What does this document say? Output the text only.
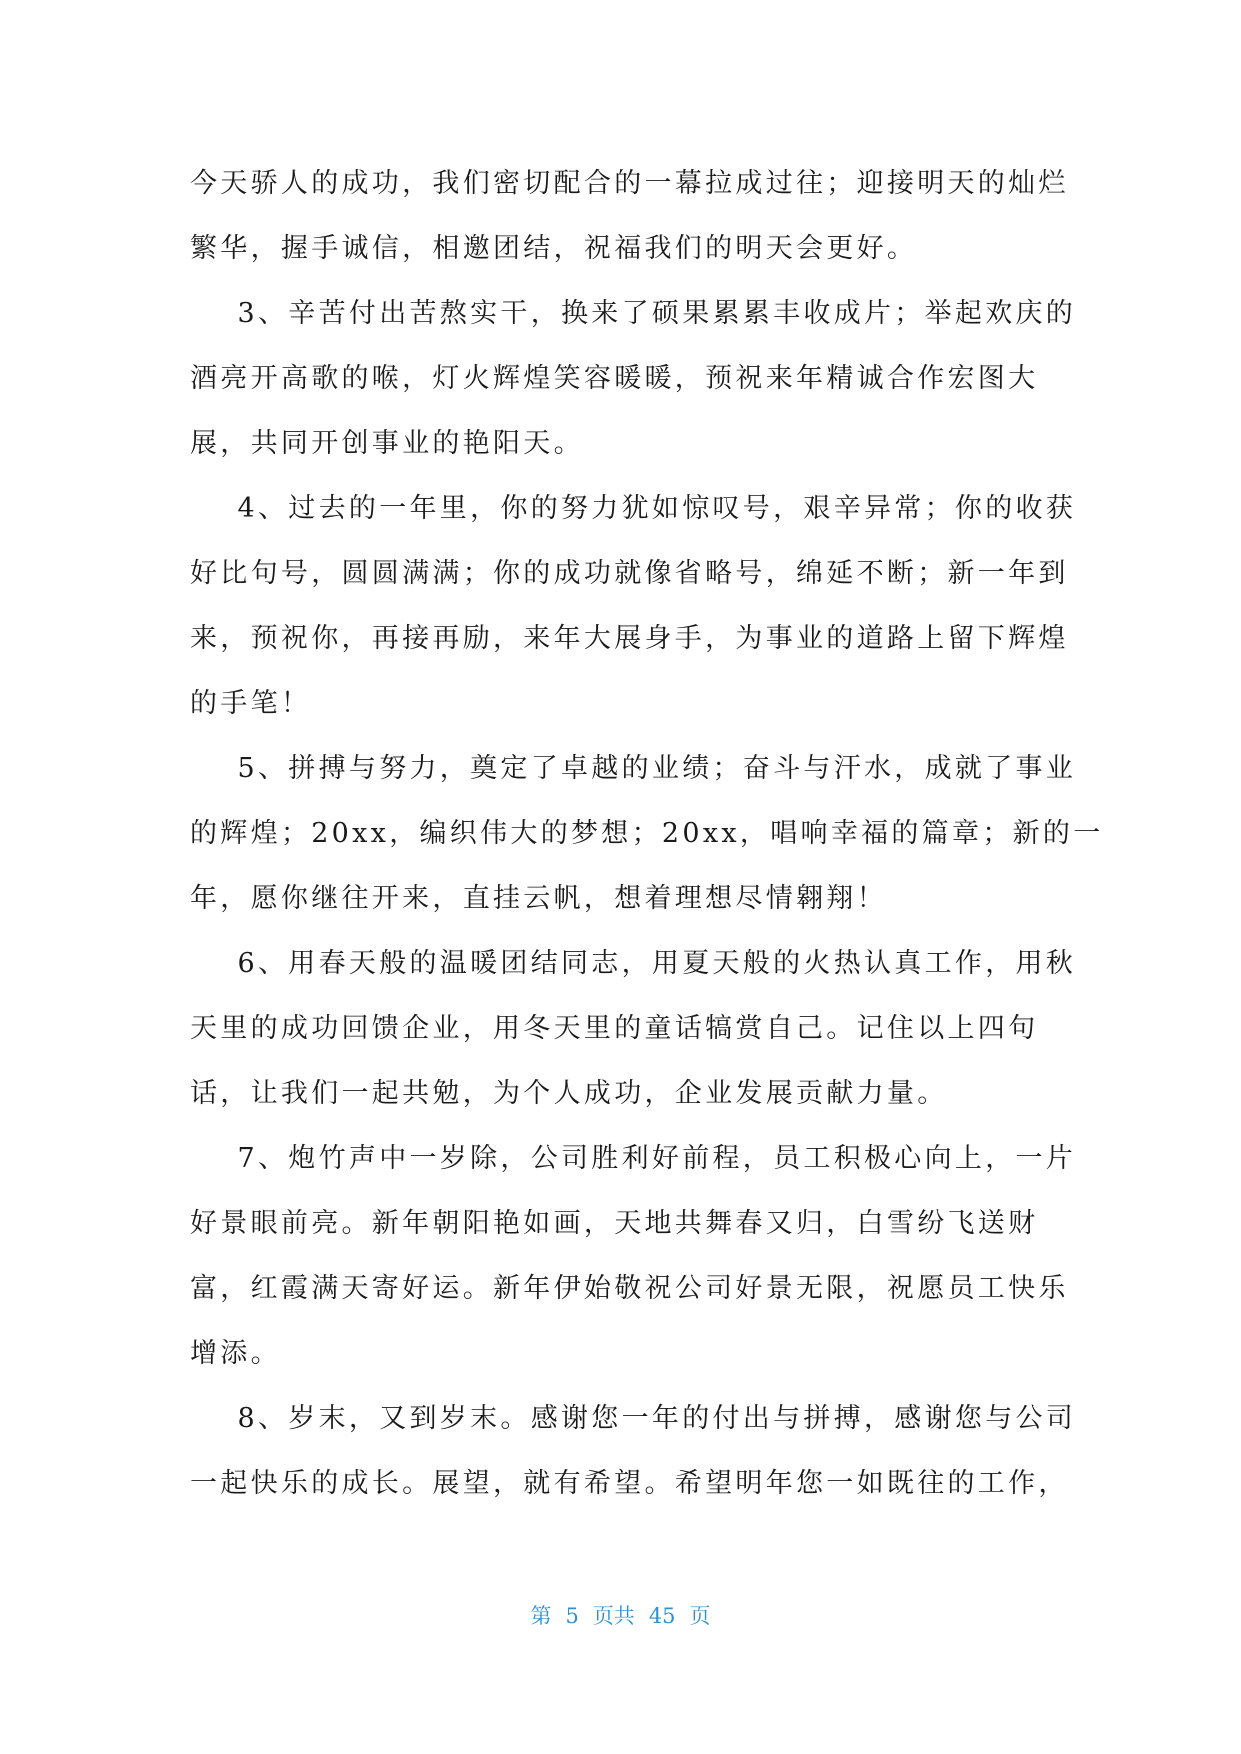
今天骄人的成功，我们密切配合的一幕拉成过往；迎接明天的灿烂
繁华，握手诚信，相邀团结，祝福我们的明天会更好。
3、辛苦付出苦熬实干，换来了硕果累累丰收成片；举起欢庆的
酒亮开高歌的喉，灯火辉煌笑容暖暖，预祝来年精诚合作宏图大
展，共同开创事业的艳阳天。
4、过去的一年里，你的努力犹如惊叹号，艰辛异常；你的收获
好比句号，圆圆满满；你的成功就像省略号，绵延不断；新一年到
来，预祝你，再接再励，来年大展身手，为事业的道路上留下辉煌
的手笔！
5、拼搏与努力，奠定了卓越的业绩；奋斗与汗水，成就了事业
的辉煌；20xx，编织伟大的梦想；20xx，唱响幸福的篇章；新的一
年，愿你继往开来，直挂云帆，想着理想尽情翱翔！
6、用春天般的温暖团结同志，用夏天般的火热认真工作，用秋
天里的成功回馈企业，用冬天里的童话犒赏自己。记住以上四句
话，让我们一起共勉，为个人成功，企业发展贡献力量。
7、炮竹声中一岁除，公司胜利好前程，员工积极心向上，一片
好景眼前亮。新年朝阳艳如画，天地共舞春又归，白雪纷飞送财
富，红霞满天寄好运。新年伊始敬祝公司好景无限，祝愿员工快乐
增添。
8、岁末，又到岁末。感谢您一年的付出与拼搏，感谢您与公司
一起快乐的成长。展望，就有希望。希望明年您一如既往的工作，
第 5 页共 45 页
